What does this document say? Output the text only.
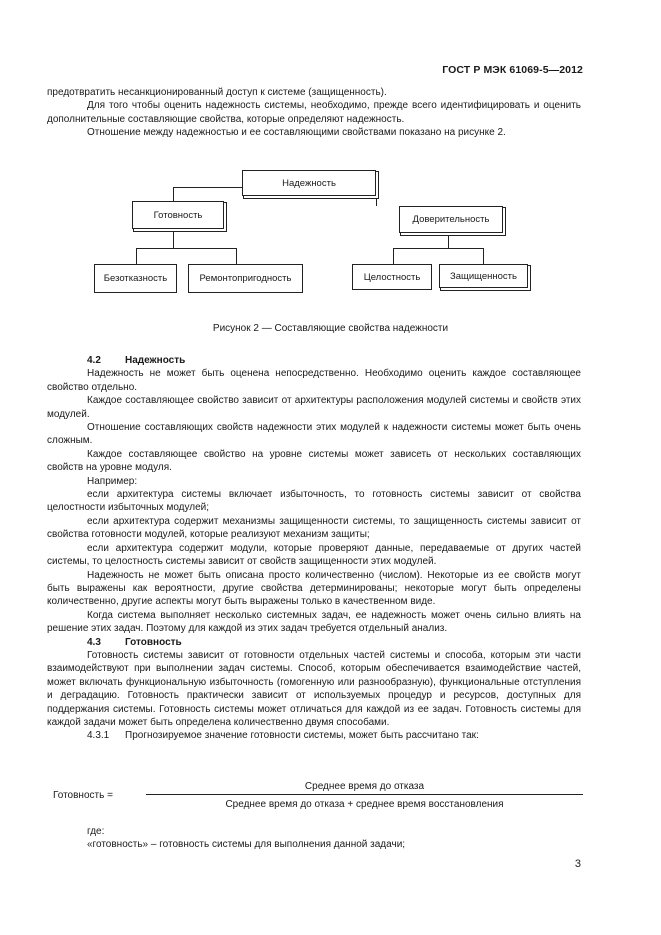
ГОСТ Р МЭК 61069-5—2012

предотвратить несанкционированный доступ к системе (защищенность).

Для того чтобы оценить надежность системы, необходимо, прежде всего идентифицировать и оценить дополнительные составляющие свойства, которые определяют надежность.

Отношение между надежностью и ее составляющими свойствами показано на рисунке 2.

Надежность
Готовность	Доверительность
Безотказность	Ремонтопригодность	Целостность	Защищенность
Рисунок 2 — Составляющие свойства надежности

4.2 Надежность

Надежность не может быть оценена непосредственно. Необходимо оценить каждое составляющее свойство отдельно.

Каждое составляющее свойство зависит от архитектуры расположения модулей системы и свойств этих модулей.

Отношение составляющих свойств надежности этих модулей к надежности системы может быть очень сложным.

Каждое составляющее свойство на уровне системы может зависеть от нескольких составляющих свойств на уровне модуля.

Например:

если архитектура системы включает избыточность, то готовность системы зависит от свойства целостности избыточных модулей;

если архитектура содержит механизмы защищенности системы, то защищенность системы зависит от свойства готовности модулей, которые реализуют механизм защиты;

если архитектура содержит модули, которые проверяют данные, передаваемые от других частей системы, то целостность системы зависит от свойств защищенности этих модулей.

Надежность не может быть описана просто количественно (числом). Некоторые из ее свойств могут быть выражены как вероятности, другие свойства детерминированы; некоторые могут быть определены количественно, другие аспекты могут быть выражены только в качественном виде.

Когда система выполняет несколько системных задач, ее надежность может очень сильно влиять на решение этих задач. Поэтому для каждой из этих задач требуется отдельный анализ.

4.3 Готовность

Готовность системы зависит от готовности отдельных частей системы и способа, которым эти части взаимодействуют при выполнении задач системы. Способ, которым обеспечивается взаимодействие частей, может включать функциональную избыточность (гомогенную или разнообразную), функциональные отступления и деградацию. Готовность практически зависит от используемых процедур и ресурсов, доступных для поддержания системы. Готовность системы может отличаться для каждой из ее задач. Готовность системы для каждой задачи может быть определена количественно двумя способами.

4.3.1 Прогнозируемое значение готовности системы, может быть рассчитано так:

Готовность =
Среднее время до отказа
Среднее время до отказа + среднее время восстановления

где:

«готовность» – готовность системы для выполнения данной задачи;

3
